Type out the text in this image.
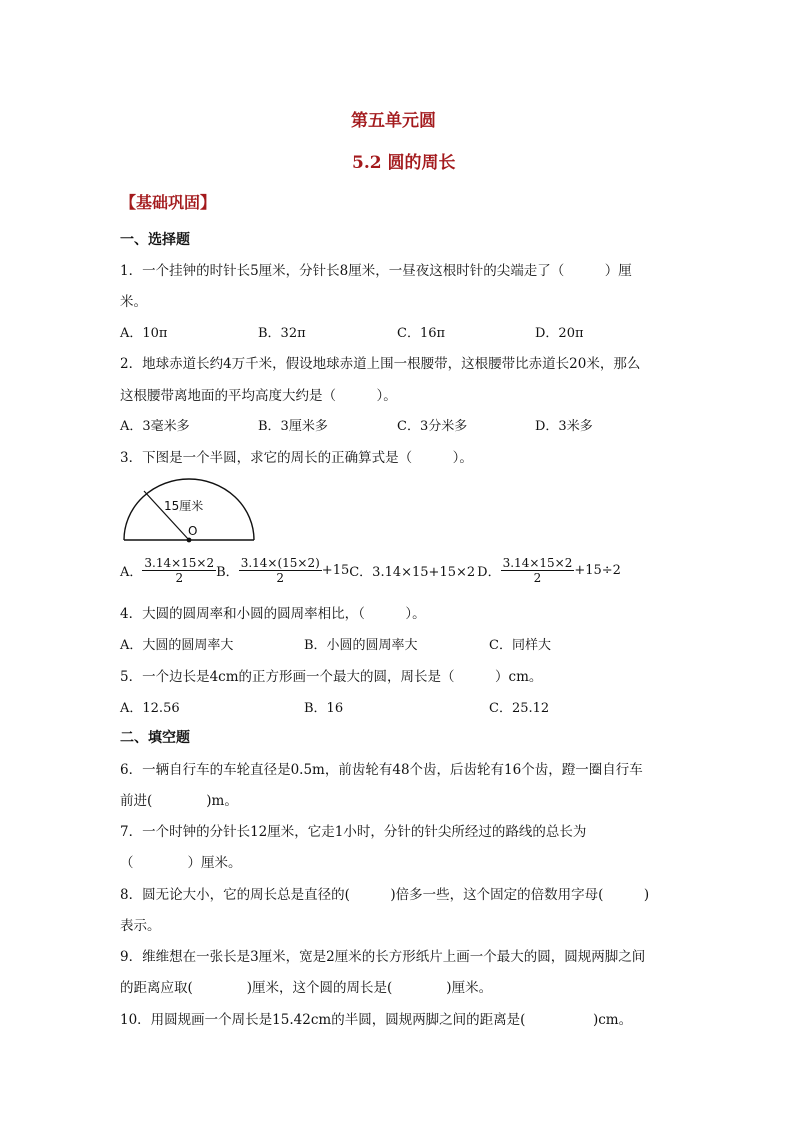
第五单元圆
5.2 圆的周长
【基础巩固】
一、选择题
1．一个挂钟的时针长5厘米，分针长8厘米，一昼夜这根时针的尖端走了（　　　）厘
米。
A．10π	B．32π	C．16π	D．20π
2．地球赤道长约4万千米，假设地球赤道上围一根腰带，这根腰带比赤道长20米，那么
这根腰带离地面的平均高度大约是（　　　）。
A．3毫米多	B．3厘米多	C．3分米多	D．3米多
3．下图是一个半圆，求它的周长的正确算式是（　　　）。
15厘米
O
A． $\frac{3.14\times 15\times 2}{2}$ B． $\frac{3.14\times(15\times 2)}{2} +15C$．3.14×15+15×2 D． $\frac{3.14\times 15\times 2}{2} +15\div 2$
4．大圆的圆周率和小圆的圆周率相比，（　　　）。
A．大圆的圆周率大	B．小圆的圆周率大	C．同样大
5．一个边长是4cm的正方形画一个最大的圆，周长是（　　　）cm。
A．12.56	B．16	C．25.12
二、填空题
6．一辆自行车的车轮直径是0.5m，前齿轮有48个齿，后齿轮有16个齿，蹬一圈自行车
前进(　　　　)m。
7．一个时钟的分针长12厘米，它走1小时，分针的针尖所经过的路线的总长为
（　　　　）厘米。
8．圆无论大小，它的周长总是直径的(　　　)倍多一些，这个固定的倍数用字母(　　　)
表示。
9．维维想在一张长是3厘米，宽是2厘米的长方形纸片上画一个最大的圆，圆规两脚之间
的距离应取(　　　　)厘米，这个圆的周长是(　　　　)厘米。
10．用圆规画一个周长是15.42cm的半圆，圆规两脚之间的距离是(　　　　　)cm。
